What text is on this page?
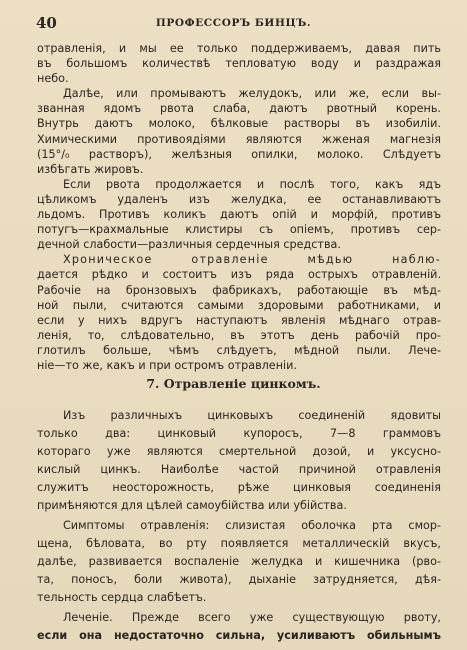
40	ПРОФЕССОРЪ БИНЦЪ.
отравленія, и мы ее только поддерживаемъ, давая пить
въ большомъ количествѣ тепловатую воду и раздражая
небо.
Далѣе, или промываютъ желудокъ, или же, если вы-
званная ядомъ рвота слаба, даютъ рвотный корень.
Внутрь даютъ молоко, бѣлковые растворы въ изобиліи.
Химическими противоядіями являются жженая магнезія
(15°/₀ растворъ), желѣзныя опилки, молоко. Слѣдуетъ
избѣгать жировъ.
Если рвота продолжается и послѣ того, какъ ядъ
цѣликомъ удаленъ изъ желудка, ее останавливаютъ
льдомъ. Противъ коликъ даютъ опій и морфій, противъ
потугъ—крахмальные клистиры съ опіемъ, противъ сер-
дечной слабости—различныя сердечныя средства.
Хроническое отравленіе мѣдью наблю-
дается рѣдко и состоитъ изъ ряда острыхъ отравленій.
Рабочіе на бронзовыхъ фабрикахъ, работающіе въ мѣд-
ной пыли, считаются самыми здоровыми работниками, и
если у нихъ вдругъ наступаютъ явленія мѣднаго отрав-
ленія, то, слѣдовательно, въ этотъ день рабочій про-
глотилъ больше, чѣмъ слѣдуетъ, мѣдной пыли. Лече-
ніе—то же, какъ и при остромъ отравленіи.
7. Отравленіе цинкомъ.
Изъ различныхъ цинковыхъ соединеній ядовиты
только два: цинковый купоросъ, 7—8 граммовъ
котораго уже являются смертельной дозой, и уксусно-
кислый цинкъ. Наиболѣе частой причиной отравленія
служитъ неосторожность, рѣже цинковыя соединенія
примѣняются для цѣлей самоубійства или убійства.
Симптомы отравленія: слизистая оболочка рта смор-
щена, бѣловата, во рту появляется металлическій вкусъ,
далѣе, развивается воспаленіе желудка и кишечника (рво-
та, поносъ, боли живота), дыханіе затрудняется, дѣя-
тельность сердца слабѣетъ.
Леченіе. Прежде всего уже существующую рвоту,
если она недостаточно сильна, усиливаютъ обильнымъ
